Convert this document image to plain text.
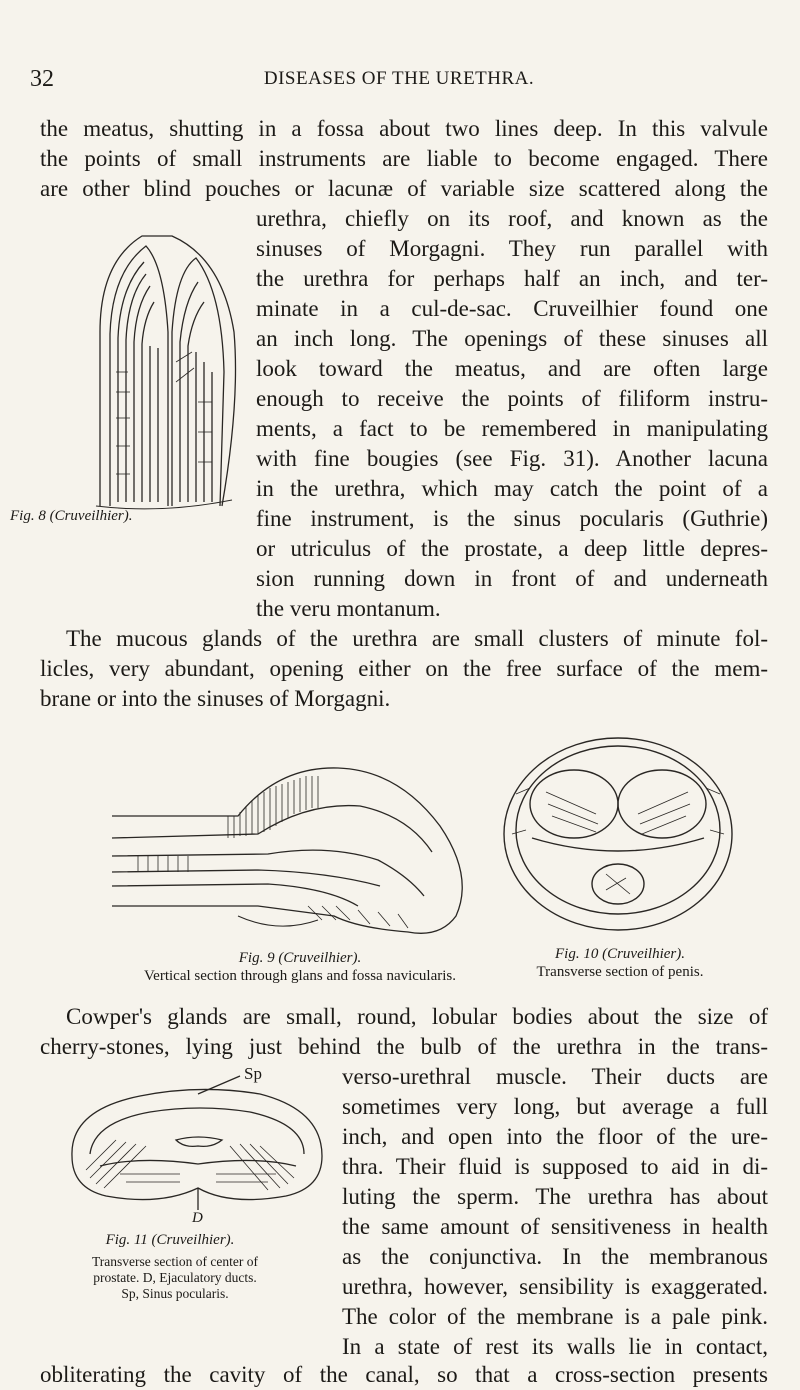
32	DISEASES OF THE URETHRA.
the meatus, shutting in a fossa about two lines deep. In this valvule
the points of small instruments are liable to become engaged. There
are other blind pouches or lacunæ of variable size scattered along the
urethra, chiefly on its roof, and known as the
sinuses of Morgagni. They run parallel with
the urethra for perhaps half an inch, and ter-
minate in a cul-de-sac. Cruveilhier found one
an inch long. The openings of these sinuses all
look toward the meatus, and are often large
enough to receive the points of filiform instru-
ments, a fact to be remembered in manipulating
with fine bougies (see Fig. 31). Another lacuna
in the urethra, which may catch the point of a
fine instrument, is the sinus pocularis (Guthrie)
or utriculus of the prostate, a deep little depres-
sion running down in front of and underneath
the veru montanum.
The mucous glands of the urethra are small clusters of minute fol-
licles, very abundant, opening either on the free surface of the mem-
brane or into the sinuses of Morgagni.
Fig. 8 (Cruveilhier).
Fig. 9 (Cruveilhier).
Vertical section through glans and fossa navicularis.
Fig. 10 (Cruveilhier).
Transverse section of penis.
Cowper's glands are small, round, lobular bodies about the size of
cherry-stones, lying just behind the bulb of the urethra in the trans-
verso-urethral muscle. Their ducts are
sometimes very long, but average a full
inch, and open into the floor of the ure-
thra. Their fluid is supposed to aid in di-
luting the sperm. The urethra has about
the same amount of sensitiveness in health
as the conjunctiva. In the membranous
urethra, however, sensibility is exaggerated.
The color of the membrane is a pale pink.
In a state of rest its walls lie in contact,
obliterating the cavity of the canal, so that a cross-section presents
Sp
D
Fig. 11 (Cruveilhier).
Transverse section of center of
prostate. D, Ejaculatory ducts.
Sp, Sinus pocularis.
